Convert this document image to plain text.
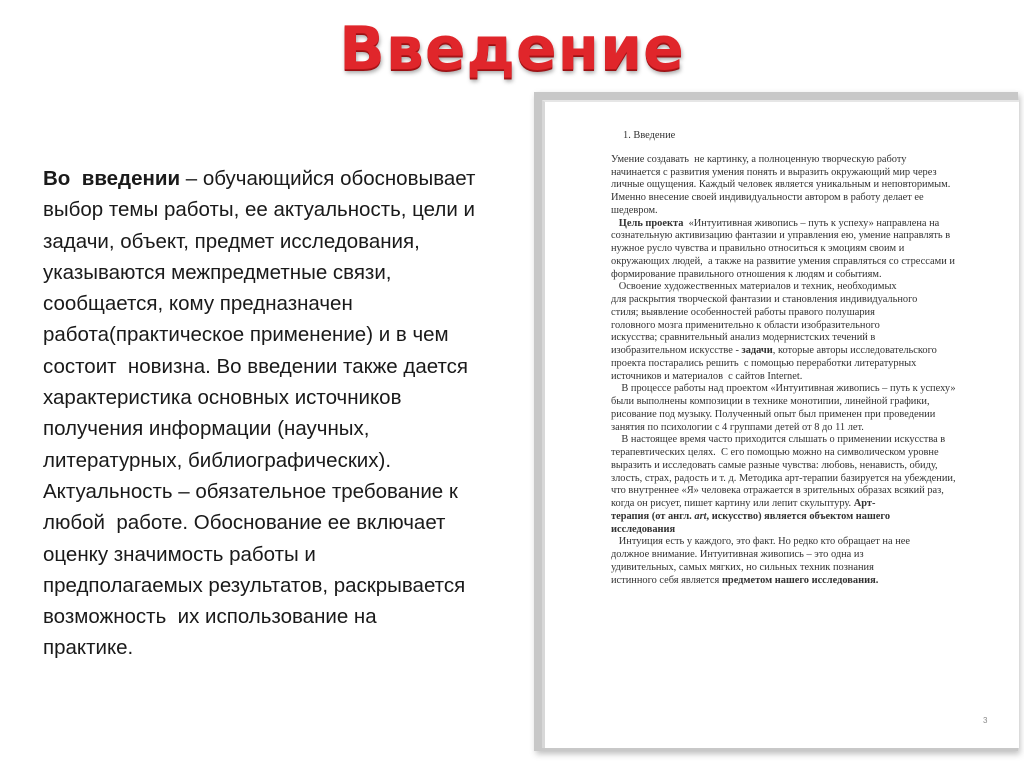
Введение
Во  введении – обучающийся обосновывает
выбор темы работы, ее актуальность, цели и
задачи, объект, предмет исследования,
указываются межпредметные связи,
сообщается, кому предназначен
работа(практическое применение) и в чем
состоит  новизна. Во введении также дается
характеристика основных источников
получения информации (научных,
литературных, библиографических).
Актуальность – обязательное требование к
любой  работе. Обоснование ее включает
оценку значимость работы и
предполагаемых результатов, раскрывается
возможность  их использование на
практике.
1. Введение
Умение создавать  не картинку, а полноценную творческую работу
начинается с развития умения понять и выразить окружающий мир через
личные ощущения. Каждый человек является уникальным и неповторимым.
Именно внесение своей индивидуальности автором в работу делает ее
шедевром.
Цель проекта  «Интуитивная живопись – путь к успеху» направлена на
сознательную активизацию фантазии и управления ею, умение направлять в
нужное русло чувства и правильно относиться к эмоциям своим и
окружающих людей,  а также на развитие умения справляться со стрессами и
формирование правильного отношения к людям и событиям.
Освоение художественных материалов и техник, необходимых
для раскрытия творческой фантазии и становления индивидуального
стиля; выявление особенностей работы правого полушария
головного мозга применительно к области изобразительного
искусства; сравнительный анализ модернистских течений в
изобразительном искусстве - задачи, которые авторы исследовательского
проекта постарались решить  с помощью переработки литературных
источников и материалов  с сайтов Internet.
В процессе работы над проектом «Интуитивная живопись – путь к успеху»
были выполнены композиции в технике монотипии, линейной графики,
рисование под музыку. Полученный опыт был применен при проведении
занятия по психологии с 4 группами детей от 8 до 11 лет.
В настоящее время часто приходится слышать о применении искусства в
терапевтических целях.  С его помощью можно на символическом уровне
выразить и исследовать самые разные чувства: любовь, ненависть, обиду,
злость, страх, радость и т. д. Методика арт-терапии базируется на убеждении,
что внутреннее «Я» человека отражается в зрительных образах всякий раз,
когда он рисует, пишет картину или лепит скульптуру. Арт-
терапия (от англ. art, искусство) является объектом нашего
исследования
Интуиция есть у каждого, это факт. Но редко кто обращает на нее
должное внимание. Интуитивная живопись – это одна из
удивительных, самых мягких, но сильных техник познания
истинного себя является предметом нашего исследования.
3
